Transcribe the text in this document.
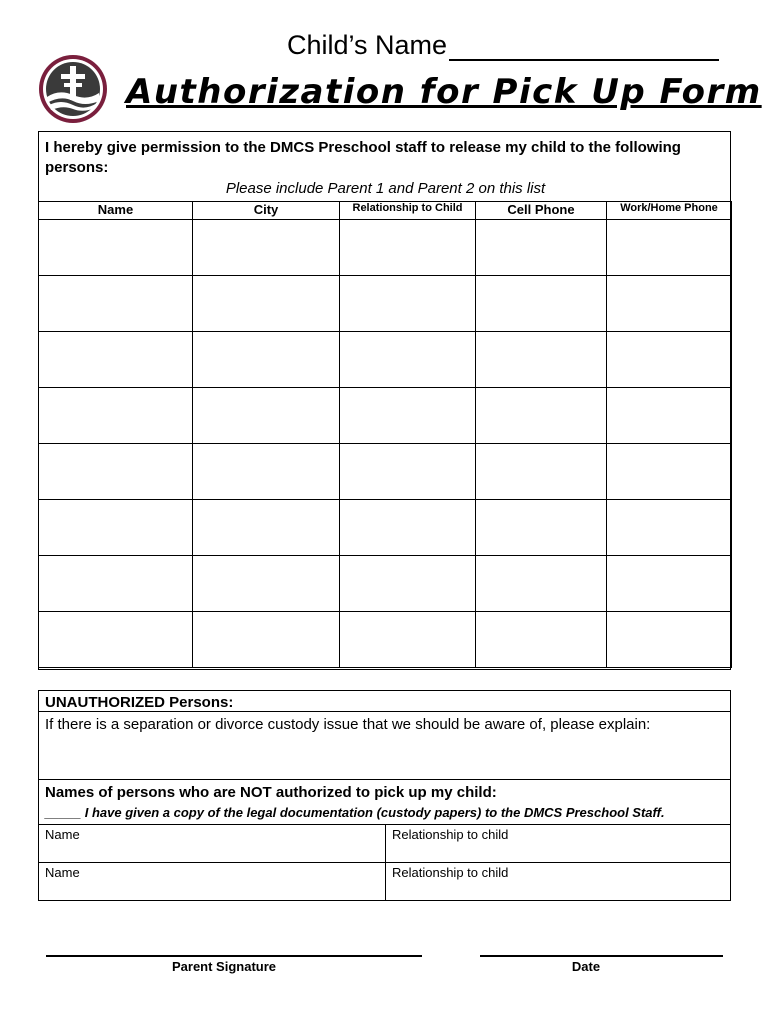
Child’s Name
Authorization for Pick Up Form
I hereby give permission to the DMCS Preschool staff to release my child to the following persons:
Please include Parent 1 and Parent 2 on this list
Name	City	Relationship to Child	Cell Phone	Work/Home Phone

UNAUTHORIZED Persons:
If there is a separation or divorce custody issue that we should be aware of, please explain:
Names of persons who are NOT authorized to pick up my child:
_____ I have given a copy of the legal documentation (custody papers) to the DMCS Preschool Staff.
Name	Relationship to child
Name	Relationship to child
Parent Signature	Date
